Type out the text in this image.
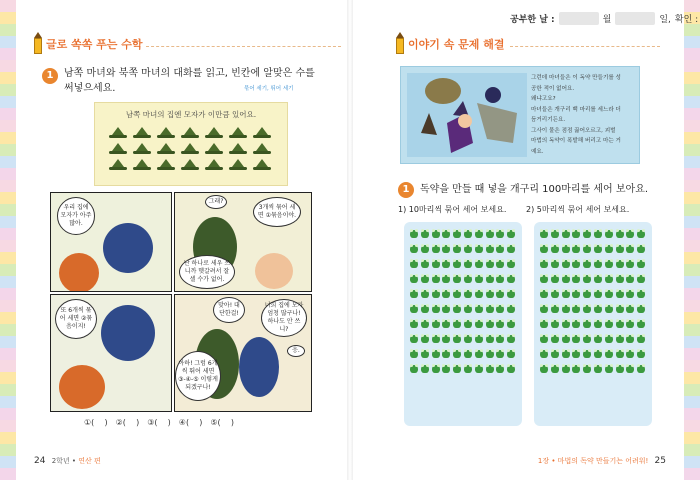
글로 쏙쏙 푸는 수학
1	남쪽 마녀와 북쪽 마녀의 대화를 읽고, 빈칸에 알맞은 수를
써넣으세요.	묶어 세기, 뛰어 세기
남쪽 마녀의 집엔 모자가 이만큼 있어요.
우리 집에 모자가 아주 많아.
그래?
3개씩 묶어 세면 ①묶음이야.
난 하나로 세우 쓰니까 헷갈려서 잘 셀 수가 없어.
또 6개씩 묶어 세면 ②묶음이지!
맞아! 대단한걸!
너희 집에 모자 엄청 많구나! 하나도 안 쓰니?
아하! 그럼 6개씩 뛰어 세면 ③-④-⑤ 이렇게 되겠구나!
응.
①( ) ②( ) ③( ) ④( ) ⑤( )
24 2학년 • 연산 편
공부한 날 :	월	일, 확인 :
이야기 속 문제 해결
그런데 마녀들은 이 독약 만들기를 성
공한 적이 없어요.
왜냐고요?
마녀들은 개구리 백 마리를 세느라 더
듬거리기든요.
그사이 물은 점점 끓어오르고, 괴벌
마법의 독약이 폭발해 버리고 마는 거
예요.
1	독약을 만들 때 넣을 개구리 100마리를 세어 보아요.
1) 10마리씩 묶어 세어 보세요. 2) 5마리씩 묶어 세어 보세요.
1장 • 마법의 독약 만들기는 어려워! 25
